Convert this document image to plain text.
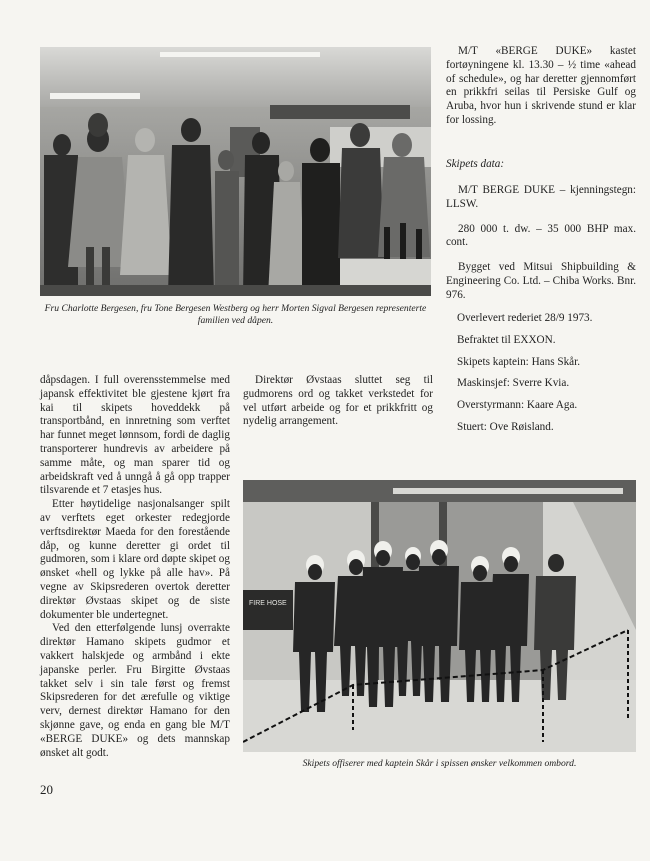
Fru Charlotte Bergesen, fru Tone Bergesen Westberg og herr Morten Sigval Bergesen representerte familien ved dåpen.

M/T «BERGE DUKE» kastet fortøyningene kl. 13.30 – ½ time «ahead of schedule», og har deretter gjennomført en prikkfri seilas til Persiske Gulf og Aruba, hvor hun i skrivende stund er klar for lossing.

Skipets data:

M/T BERGE DUKE – kjenningstegn: LLSW.

280 000 t. dw. – 35 000 BHP max. cont.

Bygget ved Mitsui Shipbuilding & Engineering Co. Ltd. – Chiba Works. Bnr. 976.

Overlevert rederiet 28/9 1973.

Befraktet til EXXON.

Skipets kaptein: Hans Skår.

Maskinsjef: Sverre Kvia.

Overstyrmann: Kaare Aga.

Stuert: Ove Røisland.

dåpsdagen. I full overensstemmelse med japansk effektivitet ble gjestene kjørt fra kai til skipets hoveddekk på transportbånd, en innretning som verftet har funnet meget lønnsom, fordi de daglig transporterer hundrevis av arbeidere på samme måte, og man sparer tid og arbeidskraft ved å unngå å gå opp trapper tilsvarende et 7 etasjes hus.

Etter høytidelige nasjonalsanger spilt av verftets eget orkester redegjorde verftsdirektør Maeda for den forestående dåp, og kunne deretter gi ordet til gudmoren, som i klare ord døpte skipet og ønsket «hell og lykke på alle hav». På vegne av Skipsrederen overtok deretter direktør Øvstaas skipet og de siste dokumenter ble undertegnet.

Ved den etterfølgende lunsj overrakte direktør Hamano skipets gudmor et vakkert halskjede og armbånd i ekte japanske perler. Fru Birgitte Øvstaas takket selv i sin tale først og fremst Skipsrederen for det ærefulle og viktige verv, dernest direktør Hamano for den skjønne gave, og enda en gang ble M/T «BERGE DUKE» og dets mannskap ønsket alt godt.

Direktør Øvstaas sluttet seg til gudmorens ord og takket verkstedet for vel utført arbeide og for et prikkfritt og nydelig arrangement.

FIRE HOSE
Skipets offiserer med kaptein Skår i spissen ønsker velkommen ombord.
20
